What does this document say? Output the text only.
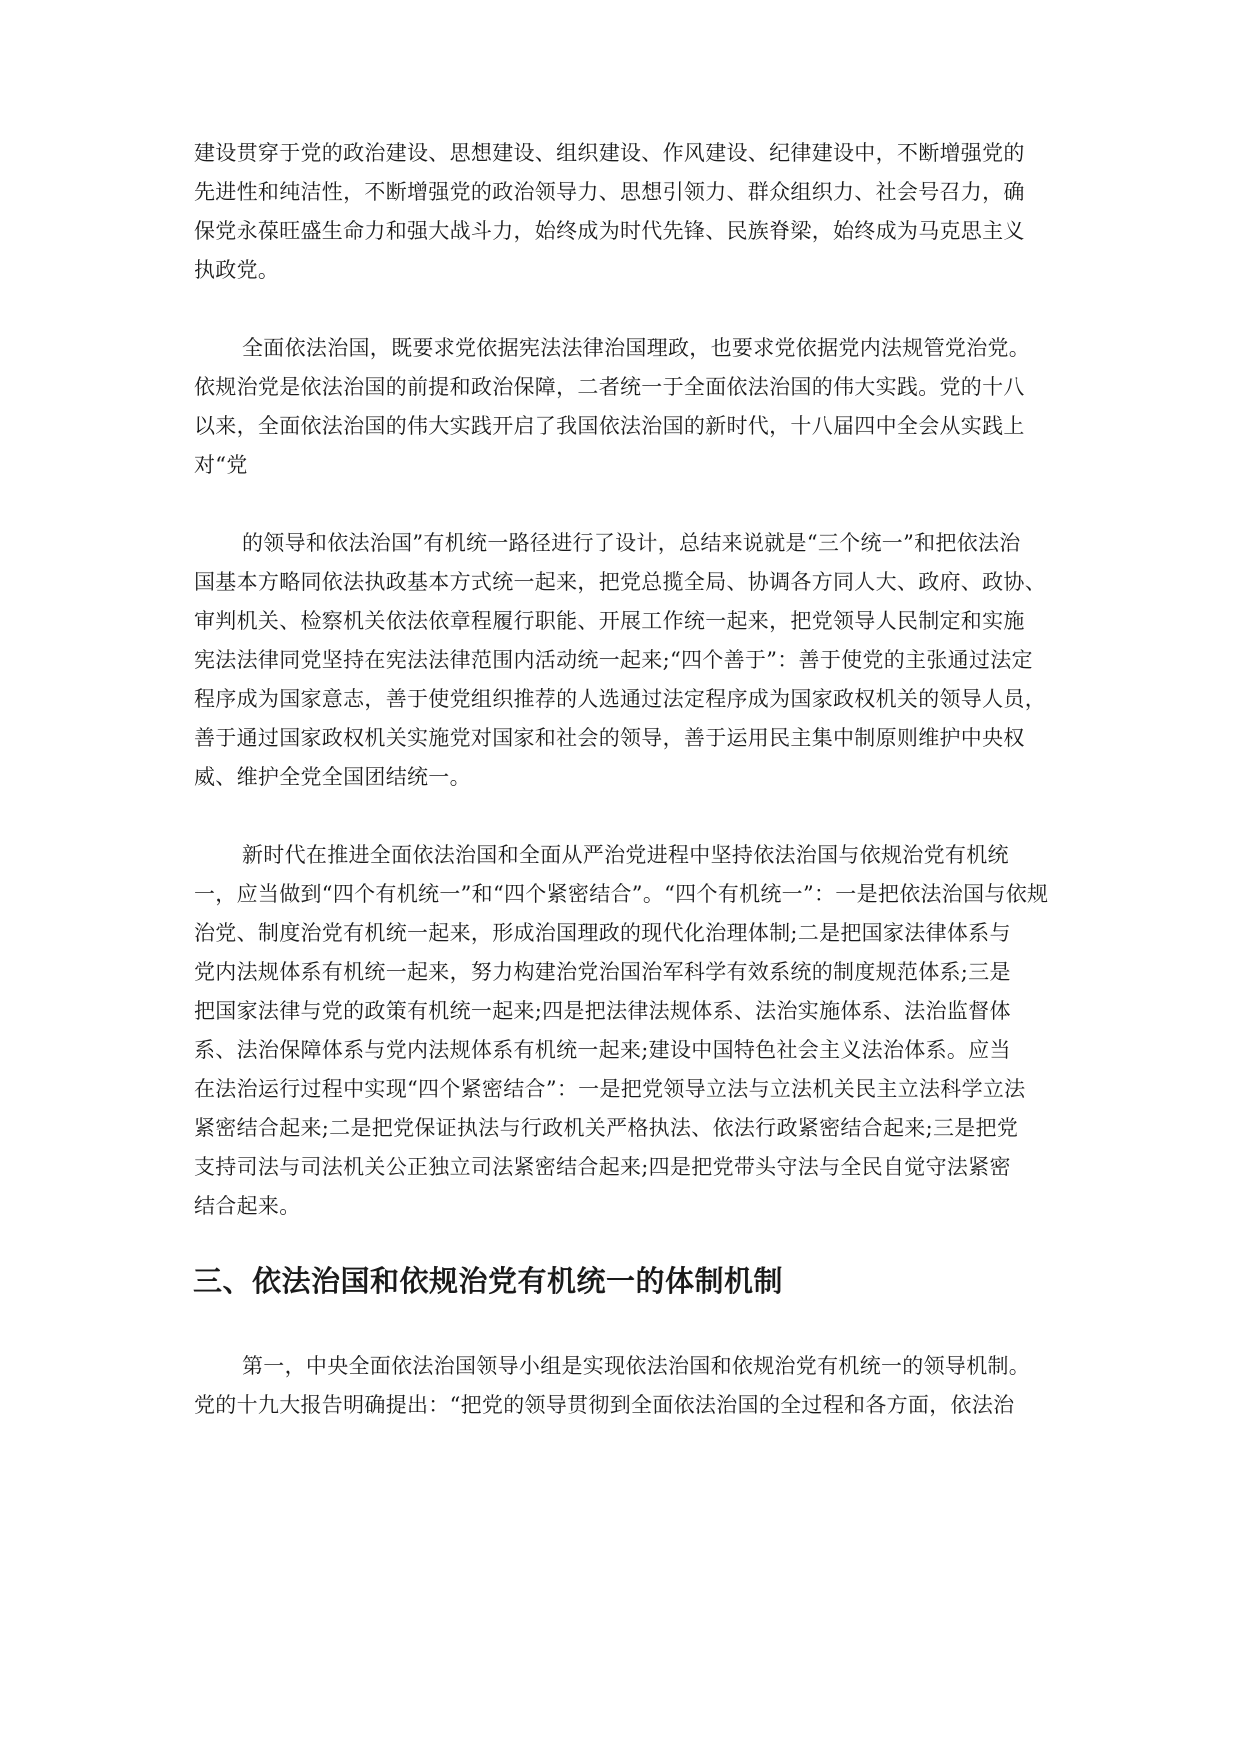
建设贯穿于党的政治建设、思想建设、组织建设、作风建设、纪律建设中，不断增强党的
先进性和纯洁性，不断增强党的政治领导力、思想引领力、群众组织力、社会号召力，确
保党永葆旺盛生命力和强大战斗力，始终成为时代先锋、民族脊梁，始终成为马克思主义
执政党。
全面依法治国，既要求党依据宪法法律治国理政，也要求党依据党内法规管党治党。
依规治党是依法治国的前提和政治保障，二者统一于全面依法治国的伟大实践。党的十八
以来，全面依法治国的伟大实践开启了我国依法治国的新时代，十八届四中全会从实践上
对“党
的领导和依法治国”有机统一路径进行了设计，总结来说就是“三个统一”和把依法治
国基本方略同依法执政基本方式统一起来，把党总揽全局、协调各方同人大、政府、政协、
审判机关、检察机关依法依章程履行职能、开展工作统一起来，把党领导人民制定和实施
宪法法律同党坚持在宪法法律范围内活动统一起来;“四个善于”：善于使党的主张通过法定
程序成为国家意志，善于使党组织推荐的人选通过法定程序成为国家政权机关的领导人员，
善于通过国家政权机关实施党对国家和社会的领导，善于运用民主集中制原则维护中央权
威、维护全党全国团结统一。
新时代在推进全面依法治国和全面从严治党进程中坚持依法治国与依规治党有机统
一，应当做到“四个有机统一”和“四个紧密结合”。“四个有机统一”：一是把依法治国与依规
治党、制度治党有机统一起来，形成治国理政的现代化治理体制;二是把国家法律体系与
党内法规体系有机统一起来，努力构建治党治国治军科学有效系统的制度规范体系;三是
把国家法律与党的政策有机统一起来;四是把法律法规体系、法治实施体系、法治监督体
系、法治保障体系与党内法规体系有机统一起来;建设中国特色社会主义法治体系。应当
在法治运行过程中实现“四个紧密结合”：一是把党领导立法与立法机关民主立法科学立法
紧密结合起来;二是把党保证执法与行政机关严格执法、依法行政紧密结合起来;三是把党
支持司法与司法机关公正独立司法紧密结合起来;四是把党带头守法与全民自觉守法紧密
结合起来。
三、依法治国和依规治党有机统一的体制机制
第一，中央全面依法治国领导小组是实现依法治国和依规治党有机统一的领导机制。
党的十九大报告明确提出：“把党的领导贯彻到全面依法治国的全过程和各方面，依法治
